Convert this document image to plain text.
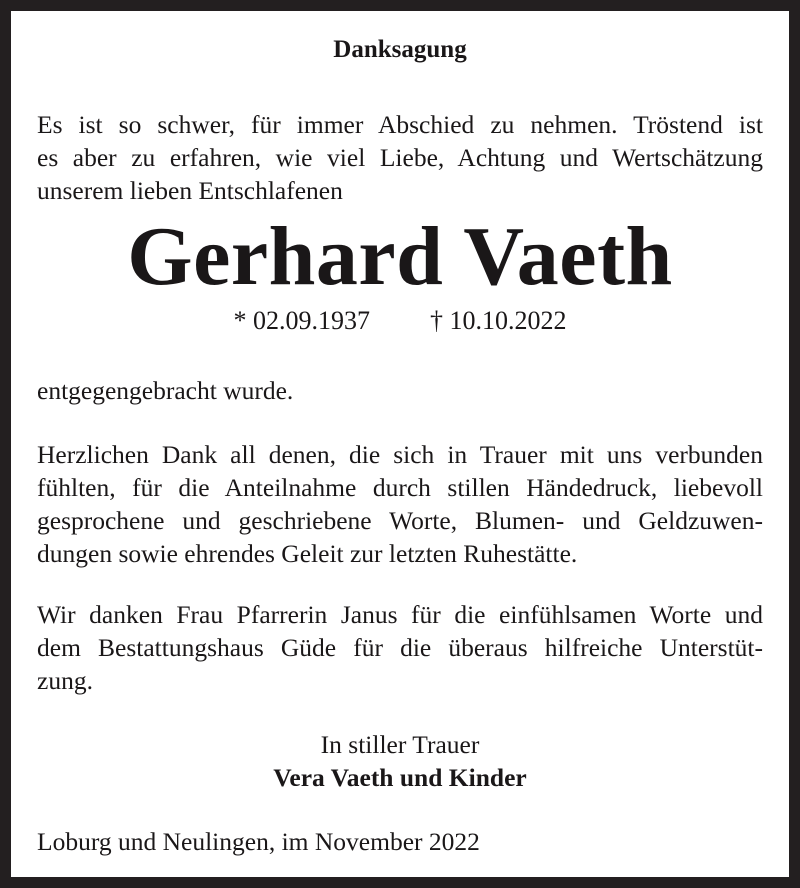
Danksagung
Es ist so schwer, für immer Abschied zu nehmen. Tröstend ist
es aber zu erfahren, wie viel Liebe, Achtung und Wertschätzung
unserem lieben Entschlafenen
Gerhard Vaeth
* 02.09.1937 † 10.10.2022
entgegengebracht wurde.
Herzlichen Dank all denen, die sich in Trauer mit uns verbunden
fühlten, für die Anteilnahme durch stillen Händedruck, liebevoll
gesprochene und geschriebene Worte, Blumen- und Geldzuwen-
dungen sowie ehrendes Geleit zur letzten Ruhestätte.
Wir danken Frau Pfarrerin Janus für die einfühlsamen Worte und
dem Bestattungshaus Güde für die überaus hilfreiche Unterstüt-
zung.
In stiller Trauer
Vera Vaeth und Kinder
Loburg und Neulingen, im November 2022
